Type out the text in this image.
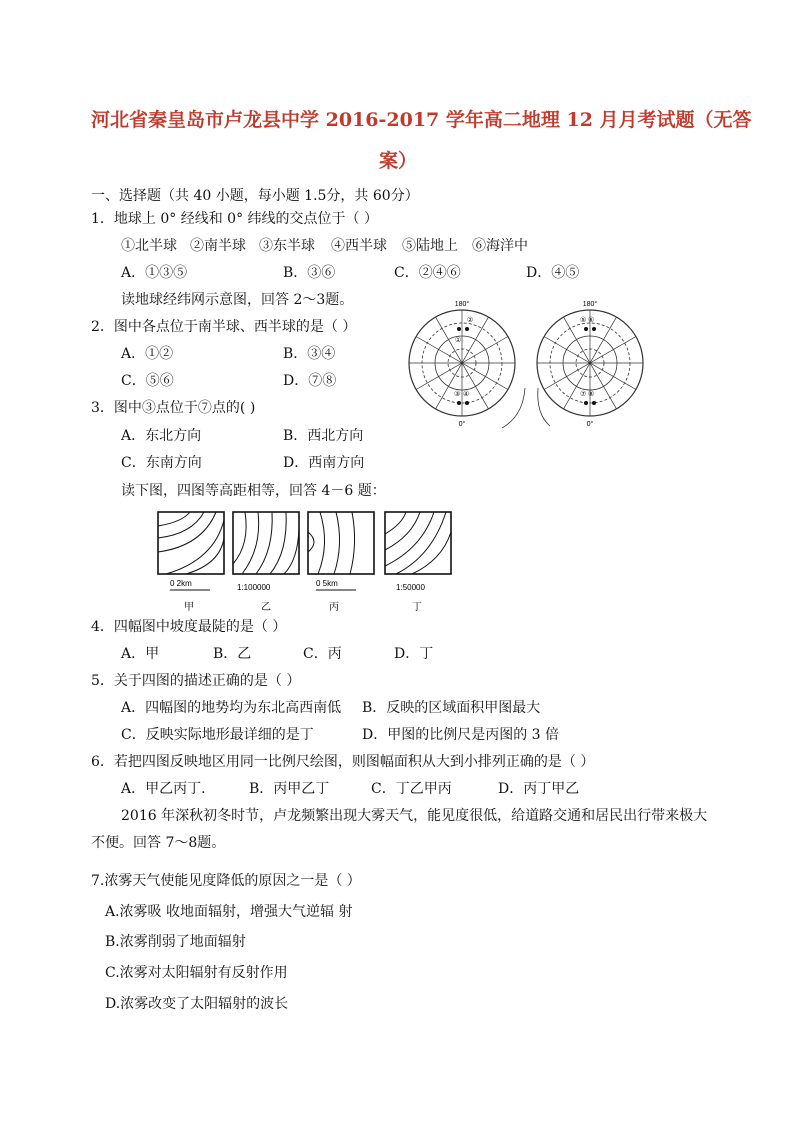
河北省秦皇岛市卢龙县中学 2016-2017 学年高二地理 12 月月考试题（无答
案）
一、选择题（共 40 小题，每小题 1.5分，共 60分）
1．地球上 0° 经线和 0° 纬线的交点位于（ ）
①北半球 ②南半球 ③东半球 ④西半球 ⑤陆地上 ⑥海洋中
A．①③⑤	B．③⑥	C．②④⑥	D．④⑤
读地球经纬网示意图，回答 2～3题。
2．图中各点位于南半球、西半球的是（ ）
A．①②	B．③④
C．⑤⑥	D．⑦⑧
3．图中③点位于⑦点的( )
A．东北方向	B．西北方向
C．东南方向	D．西南方向
180°
0°
②
①
③ ④
180°
0°
⑤ ⑥
⑦ ⑧
读下图，四图等高距相等，回答 4－6 题：
0 2km
甲
1:100000
乙
0 5km
丙
1:50000
丁
4．四幅图中坡度最陡的是（ ）
A．甲	B．乙	C．丙	D．丁
5．关于四图的描述正确的是（ ）
A．四幅图的地势均为东北高西南低 B．反映的区域面积甲图最大
C．反映实际地形最详细的是丁	D．甲图的比例尺是丙图的 3 倍
6．若把四图反映地区用同一比例尺绘图，则图幅面积从大到小排列正确的是（ ）
A．甲乙丙丁.	B．丙甲乙丁	C．丁乙甲丙	D．丙丁甲乙
2016 年深秋初冬时节，卢龙频繁出现大雾天气，能见度很低，给道路交通和居民出行带来极大
不便。回答 7～8题。
7.浓雾天气使能见度降低的原因之一是（ ）
A.浓雾吸 收地面辐射，增强大气逆辐 射
B.浓雾削弱了地面辐射
C.浓雾对太阳辐射有反射作用
D.浓雾改变了太阳辐射的波长
